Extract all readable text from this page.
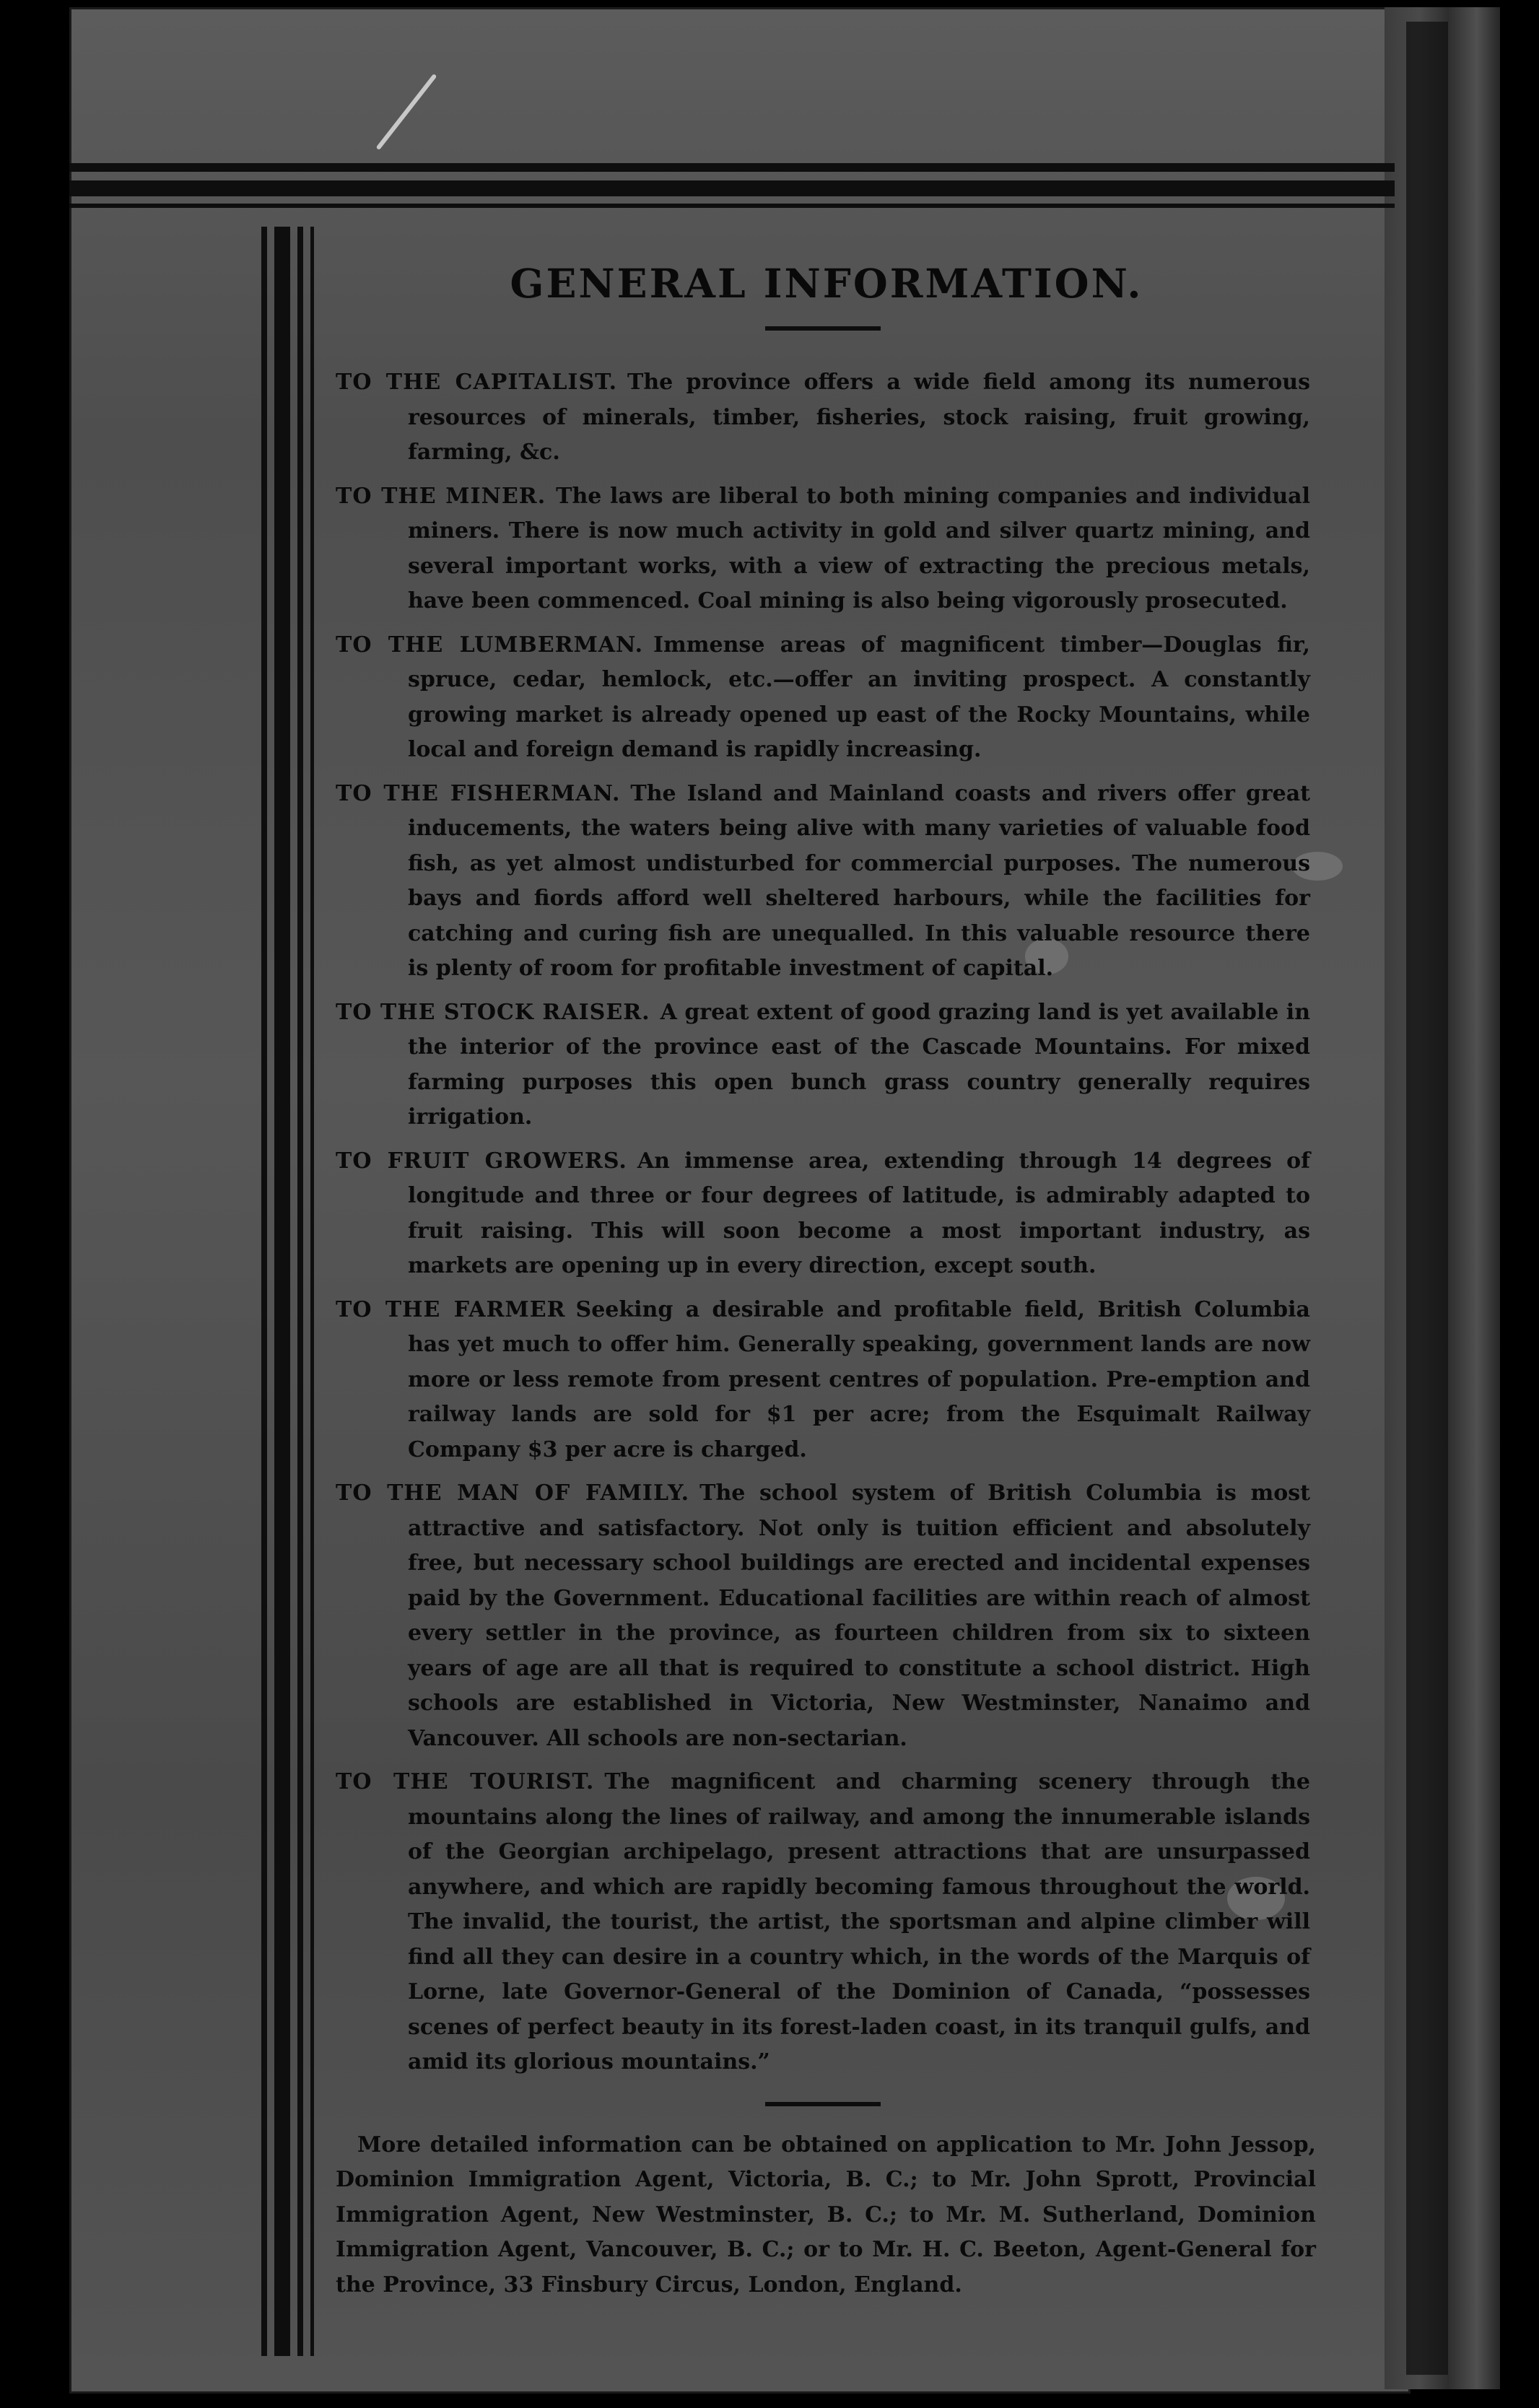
GENERAL INFORMATION.

TO THE CAPITALIST. The province offers a wide field among its numerous resources of minerals, timber, fisheries, stock raising, fruit growing, farming, &c.

TO THE MINER. The laws are liberal to both mining companies and individual miners. There is now much activity in gold and silver quartz mining, and several important works, with a view of extracting the precious metals, have been commenced. Coal mining is also being vigorously prosecuted.

TO THE LUMBERMAN. Immense areas of magnificent timber—Douglas fir, spruce, cedar, hemlock, etc.—offer an inviting prospect. A constantly growing market is already opened up east of the Rocky Mountains, while local and foreign demand is rapidly increasing.

TO THE FISHERMAN. The Island and Mainland coasts and rivers offer great inducements, the waters being alive with many varieties of valuable food fish, as yet almost undisturbed for commercial purposes. The numerous bays and fiords afford well sheltered harbours, while the facilities for catching and curing fish are unequalled. In this valuable resource there is plenty of room for profitable investment of capital.

TO THE STOCK RAISER. A great extent of good grazing land is yet available in the interior of the province east of the Cascade Mountains. For mixed farming purposes this open bunch grass country generally requires irrigation.

TO FRUIT GROWERS. An immense area, extending through 14 degrees of longitude and three or four degrees of latitude, is admirably adapted to fruit raising. This will soon become a most important industry, as markets are opening up in every direction, except south.

TO THE FARMER Seeking a desirable and profitable field, British Columbia has yet much to offer him. Generally speaking, government lands are now more or less remote from present centres of population. Pre-emption and railway lands are sold for $1 per acre; from the Esquimalt Railway Company $3 per acre is charged.

TO THE MAN OF FAMILY. The school system of British Columbia is most attractive and satisfactory. Not only is tuition efficient and absolutely free, but necessary school buildings are erected and incidental expenses paid by the Government. Educational facilities are within reach of almost every settler in the province, as fourteen children from six to sixteen years of age are all that is required to constitute a school district. High schools are established in Victoria, New Westminster, Nanaimo and Vancouver. All schools are non-sectarian.

TO THE TOURIST. The magnificent and charming scenery through the mountains along the lines of railway, and among the innumerable islands of the Georgian archipelago, present attractions that are unsurpassed anywhere, and which are rapidly becoming famous throughout the world. The invalid, the tourist, the artist, the sportsman and alpine climber will find all they can desire in a country which, in the words of the Marquis of Lorne, late Governor-General of the Dominion of Canada, “possesses scenes of perfect beauty in its forest-laden coast, in its tranquil gulfs, and amid its glorious mountains.”

More detailed information can be obtained on application to Mr. John Jessop, Dominion Immigration Agent, Victoria, B. C.; to Mr. John Sprott, Provincial Immigration Agent, New Westminster, B. C.; to Mr. M. Sutherland, Dominion Immigration Agent, Vancouver, B. C.; or to Mr. H. C. Beeton, Agent-General for the Province, 33 Finsbury Circus, London, England.
